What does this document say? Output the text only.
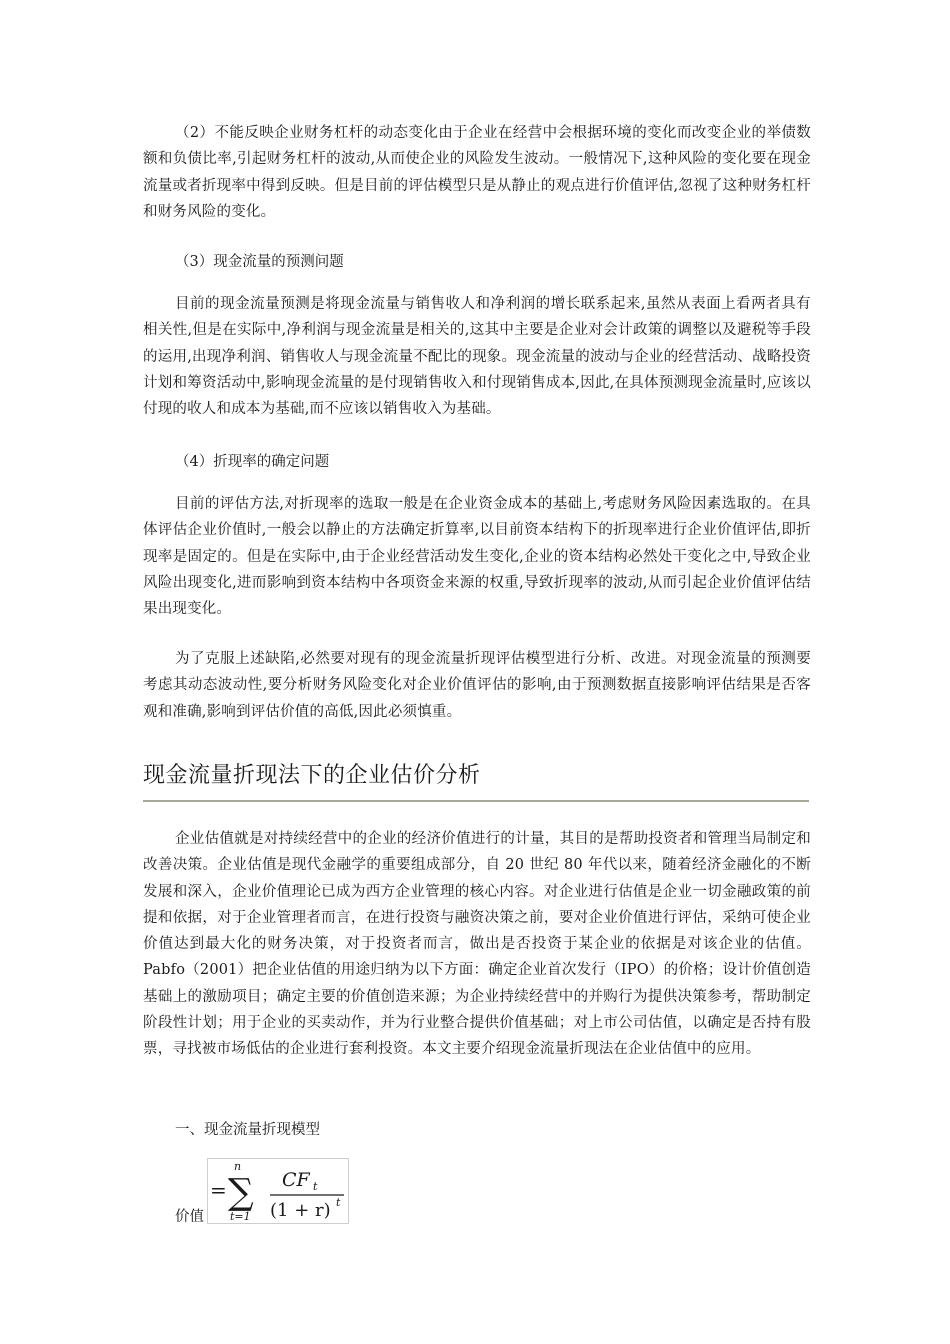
（2）不能反映企业财务杠杆的动态变化由于企业在经营中会根据环境的变化而改变企业的举债数额和负债比率,引起财务杠杆的波动,从而使企业的风险发生波动。一般情况下,这种风险的变化要在现金流量或者折现率中得到反映。但是目前的评估模型只是从静止的观点进行价值评估,忽视了这种财务杠杆和财务风险的变化。

（3）现金流量的预测问题

目前的现金流量预测是将现金流量与销售收人和净利润的增长联系起来,虽然从表面上看两者具有相关性,但是在实际中,净利润与现金流量是相关的,这其中主要是企业对会计政策的调整以及避税等手段的运用,出现净利润、销售收人与现金流量不配比的现象。现金流量的波动与企业的经营活动、战略投资计划和筹资活动中,影响现金流量的是付现销售收入和付现销售成本,因此,在具体预测现金流量时,应该以付现的收人和成本为基础,而不应该以销售收入为基础。

（4）折现率的确定问题

目前的评估方法,对折现率的选取一般是在企业资金成本的基础上,考虑财务风险因素选取的。在具体评估企业价值时,一般会以静止的方法确定折算率,以目前资本结构下的折现率进行企业价值评估,即折现率是固定的。但是在实际中,由于企业经营活动发生变化,企业的资本结构必然处干变化之中,导致企业风险出现变化,进而影响到资本结构中各项资金来源的权重,导致折现率的波动,从而引起企业价值评估结果出现变化。

为了克服上述缺陷,必然要对现有的现金流量折现评估模型进行分析、改进。对现金流量的预测要考虑其动态波动性,要分析财务风险变化对企业价值评估的影响,由于预测数据直接影响评估结果是否客观和准确,影响到评估价值的高低,因此必须慎重。

现金流量折现法下的企业估价分析

企业估值就是对持续经营中的企业的经济价值进行的计量，其目的是帮助投资者和管理当局制定和改善决策。企业估值是现代金融学的重要组成部分，自 20 世纪 80 年代以来，随着经济金融化的不断发展和深入，企业价值理论已成为西方企业管理的核心内容。对企业进行估值是企业一切金融政策的前提和依据，对于企业管理者而言，在进行投资与融资决策之前，要对企业价值进行评估，采纳可使企业价值达到最大化的财务决策，对于投资者而言，做出是否投资于某企业的依据是对该企业的估值。Pabfo（2001）把企业估值的用途归纳为以下方面：确定企业首次发行（IPO）的价格；设计价值创造基础上的激励项目；确定主要的价值创造来源；为企业持续经营中的并购行为提供决策参考，帮助制定阶段性计划；用于企业的买卖动作，并为行业整合提供价值基础；对上市公司估值，以确定是否持有股票，寻找被市场低估的企业进行套利投资。本文主要介绍现金流量折现法在企业估值中的应用。

一、现金流量折现模型

价值
=
n
∑
t=1
CF t
(1 + r) t
